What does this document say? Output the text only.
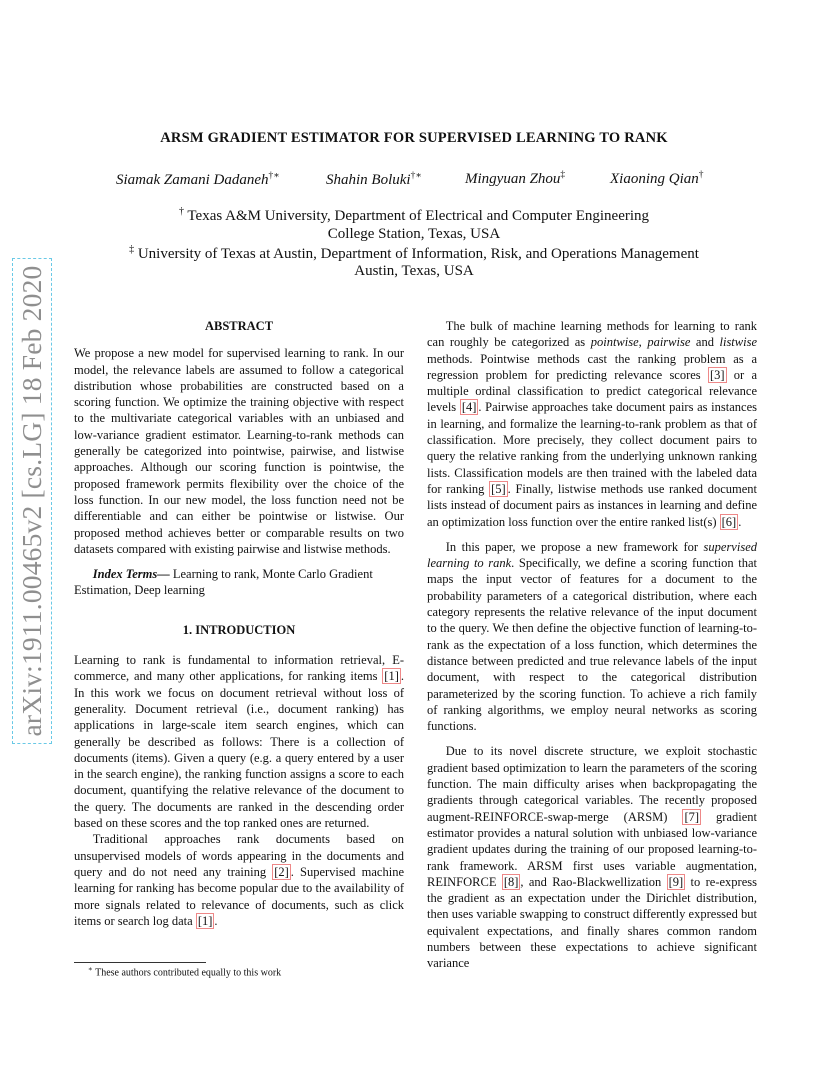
arXiv:1911.00465v2 [cs.LG] 18 Feb 2020
ARSM GRADIENT ESTIMATOR FOR SUPERVISED LEARNING TO RANK
Siamak Zamani Dadaneh†∗	Shahin Boluki†∗	Mingyuan Zhou‡	Xiaoning Qian†
† Texas A&M University, Department of Electrical and Computer Engineering
College Station, Texas, USA
‡ University of Texas at Austin, Department of Information, Risk, and Operations Management
Austin, Texas, USA
ABSTRACT

We propose a new model for supervised learning to rank. In our model, the relevance labels are assumed to follow a categorical distribution whose probabilities are constructed based on a scoring function. We optimize the training objective with respect to the multivariate categorical variables with an unbiased and low-variance gradient estimator. Learning-to-rank methods can generally be categorized into pointwise, pairwise, and listwise approaches. Although our scoring function is pointwise, the proposed framework permits flexibility over the choice of the loss function. In our new model, the loss function need not be differentiable and can either be pointwise or listwise. Our proposed method achieves better or comparable results on two datasets compared with existing pairwise and listwise methods.

Index Terms— Learning to rank, Monte Carlo Gradient Estimation, Deep learning

1. INTRODUCTION

Learning to rank is fundamental to information retrieval, E-commerce, and many other applications, for ranking items [1] . In this work we focus on document retrieval without loss of generality. Document retrieval (i.e., document ranking) has applications in large-scale item search engines, which can generally be described as follows: There is a collection of documents (items). Given a query (e.g. a query entered by a user in the search engine), the ranking function assigns a score to each document, quantifying the relative relevance of the document to the query. The documents are ranked in the descending order based on these scores and the top ranked ones are returned.

Traditional approaches rank documents based on unsupervised models of words appearing in the documents and query and do not need any training [2] . Supervised machine learning for ranking has become popular due to the availability of more signals related to relevance of documents, such as click items or search log data [1] .

∗ These authors contributed equally to this work

The bulk of machine learning methods for learning to rank can roughly be categorized as pointwise, pairwise and listwise methods. Pointwise methods cast the ranking problem as a regression problem for predicting relevance scores [3] or a multiple ordinal classification to predict categorical relevance levels [4] . Pairwise approaches take document pairs as instances in learning, and formalize the learning-to-rank problem as that of classification. More precisely, they collect document pairs to query the relative ranking from the underlying unknown ranking lists. Classification models are then trained with the labeled data for ranking [5] . Finally, listwise methods use ranked document lists instead of document pairs as instances in learning and define an optimization loss function over the entire ranked list(s) [6] .

In this paper, we propose a new framework for supervised learning to rank. Specifically, we define a scoring function that maps the input vector of features for a document to the probability parameters of a categorical distribution, where each category represents the relative relevance of the input document to the query. We then define the objective function of learning-to-rank as the expectation of a loss function, which determines the distance between predicted and true relevance labels of the input document, with respect to the categorical distribution parameterized by the scoring function. To achieve a rich family of ranking algorithms, we employ neural networks as scoring functions.

Due to its novel discrete structure, we exploit stochastic gradient based optimization to learn the parameters of the scoring function. The main difficulty arises when backpropagating the gradients through categorical variables. The recently proposed augment-REINFORCE-swap-merge (ARSM) [7] gradient estimator provides a natural solution with unbiased low-variance gradient updates during the training of our proposed learning-to-rank framework. ARSM first uses variable augmentation, REINFORCE [8] , and Rao-Blackwellization [9] to re-express the gradient as an expectation under the Dirichlet distribution, then uses variable swapping to construct differently expressed but equivalent expectations, and finally shares common random numbers between these expectations to achieve significant variance
